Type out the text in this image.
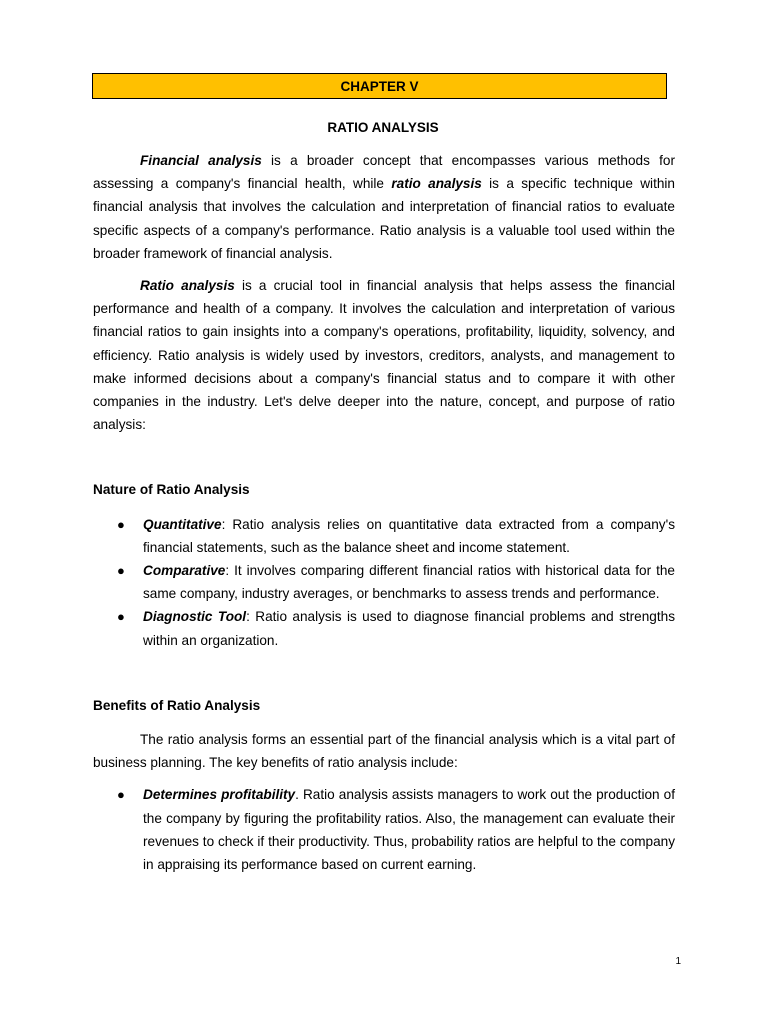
CHAPTER V
RATIO ANALYSIS

Financial analysis is a broader concept that encompasses various methods for assessing a company's financial health, while ratio analysis is a specific technique within financial analysis that involves the calculation and interpretation of financial ratios to evaluate specific aspects of a company's performance. Ratio analysis is a valuable tool used within the broader framework of financial analysis.

Ratio analysis is a crucial tool in financial analysis that helps assess the financial performance and health of a company. It involves the calculation and interpretation of various financial ratios to gain insights into a company's operations, profitability, liquidity, solvency, and efficiency. Ratio analysis is widely used by investors, creditors, analysts, and management to make informed decisions about a company's financial status and to compare it with other companies in the industry. Let's delve deeper into the nature, concept, and purpose of ratio analysis:

Nature of Ratio Analysis

● Quantitative: Ratio analysis relies on quantitative data extracted from a company's financial statements, such as the balance sheet and income statement.
● Comparative: It involves comparing different financial ratios with historical data for the same company, industry averages, or benchmarks to assess trends and performance.
● Diagnostic Tool: Ratio analysis is used to diagnose financial problems and strengths within an organization.

Benefits of Ratio Analysis

The ratio analysis forms an essential part of the financial analysis which is a vital part of business planning. The key benefits of ratio analysis include:

● Determines profitability. Ratio analysis assists managers to work out the production of the company by figuring the profitability ratios. Also, the management can evaluate their revenues to check if their productivity. Thus, probability ratios are helpful to the company in appraising its performance based on current earning.
1
